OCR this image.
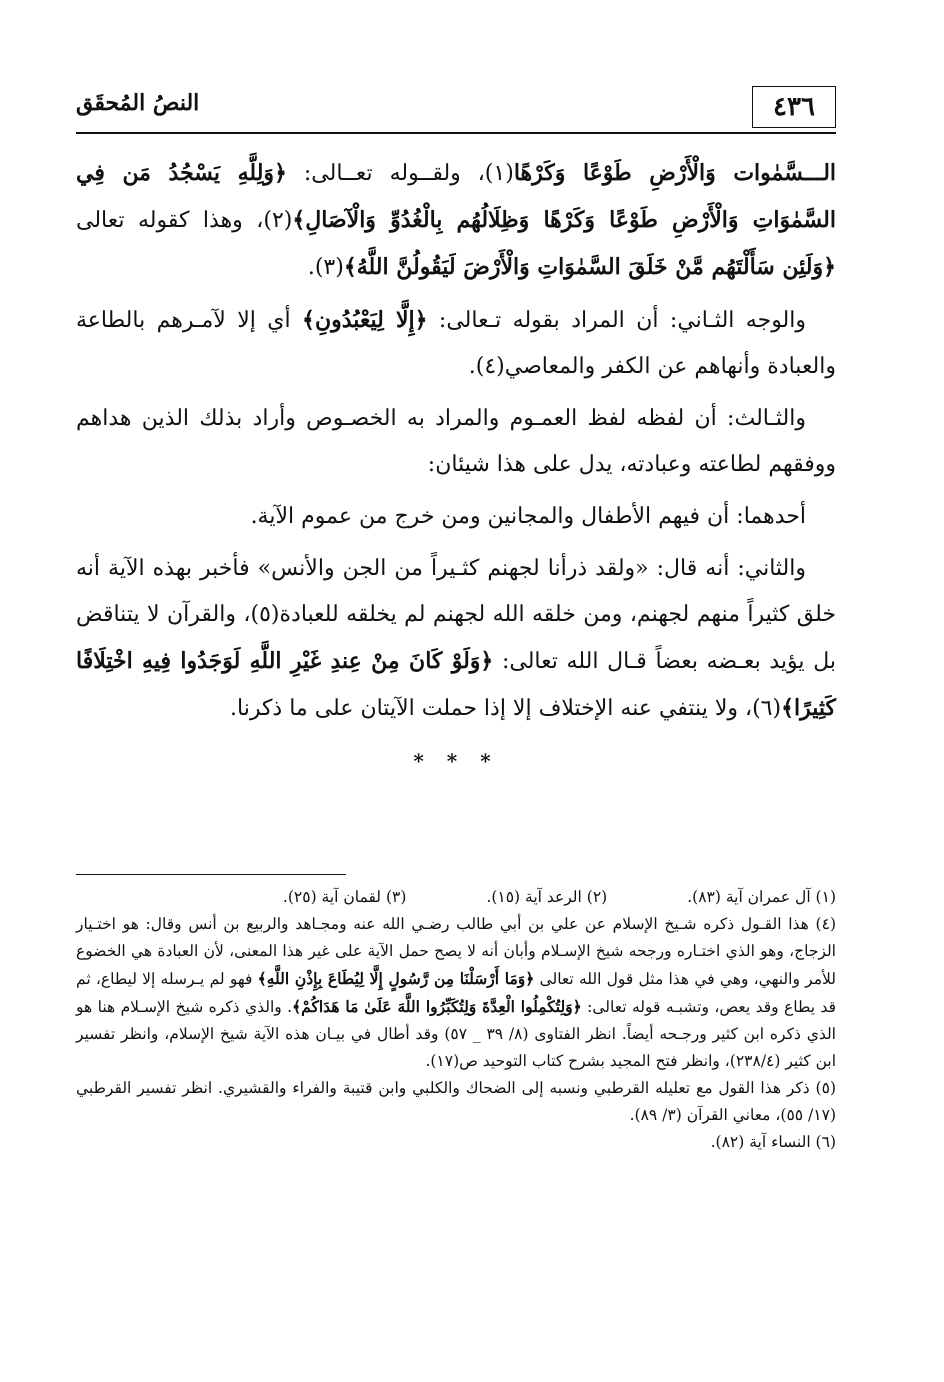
٤٣٦
النصُ المُحقَق

الـــسَّمٰوات وَالْأَرْضِ طَوْعًا وَكَرْهًا(١)، ولقــوله تعــالى: ﴿وَلِلَّهِ يَسْجُدُ مَن فِي السَّمٰوَاتِ وَالْأَرْضِ طَوْعًا وَكَرْهًا وَظِلَالُهُم بِالْغُدُوِّ وَالْآصَالِ﴾(٢)، وهذا كقوله تعالى ﴿وَلَئِن سَأَلْتَهُم مَّنْ خَلَقَ السَّمٰوَاتِ وَالْأَرْضَ لَيَقُولُنَّ اللَّهُ﴾(٣).

والوجه الثـاني: أن المراد بقوله تـعالى: ﴿إِلَّا لِيَعْبُدُونِ﴾ أي إلا لآمـرهم بالطاعة والعبادة وأنهاهم عن الكفر والمعاصي(٤).

والثـالث: أن لفظه لفظ العمـوم والمراد به الخصـوص وأراد بذلك الذين هداهم ووفقهم لطاعته وعبادته، يدل على هذا شيئان:

أحدهما: أن فيهم الأطفال والمجانين ومن خرج من عموم الآية.

والثاني: أنه قال: «ولقد ذرأنا لجهنم كثـيراً من الجن والأنس» فأخبر بهذه الآية أنه خلق كثيراً منهم لجهنم، ومن خلقه الله لجهنم لم يخلقه للعبادة(٥)، والقرآن لا يتناقض بل يؤيد بعـضه بعضاً قـال الله تعالى: ﴿وَلَوْ كَانَ مِنْ عِندِ غَيْرِ اللَّهِ لَوَجَدُوا فِيهِ اخْتِلَافًا كَثِيرًا﴾(٦)، ولا ينتفي عنه الإختلاف إلا إذا حملت الآيتان على ما ذكرنا.

* * *
(١) آل عمران آية (٨٣).
(٢) الرعد آية (١٥).
(٣) لقمان آية (٢٥).

(٤) هذا القـول ذكره شـيخ الإسلام عن علي بن أبي طالب رضـي الله عنه ومجـاهد والربيع بن أنس وقال: هو اختـيار الزجاج، وهو الذي اختـاره ورجحه شيخ الإسـلام وأبان أنه لا يصح حمل الآية على غير هذا المعنى، لأن العبادة هي الخضوع للأمر والنهي، وهي في هذا مثل قول الله تعالى ﴿وَمَا أَرْسَلْنَا مِن رَّسُولٍ إِلَّا لِيُطَاعَ بِإِذْنِ اللَّهِ﴾ فهو لم يـرسله إلا ليطاع، ثم قد يطاع وقد يعص، وتشبـه قوله تعالى: ﴿وَلِتُكْمِلُوا الْعِدَّةَ وَلِتُكَبِّرُوا اللَّهَ عَلَىٰ مَا هَدَاكُمْ﴾. والذي ذكره شيخ الإسـلام هنا هو الذي ذكره ابن كثير ورجـحه أيضاً. انظر الفتاوى (٨/ ٣٩ _ ٥٧) وقد أطال في بيـان هذه الآية شيخ الإسلام، وانظر تفسير ابن كثير (٢٣٨/٤)، وانظر فتح المجيد بشرح كتاب التوحيد ص(١٧).

(٥) ذكر هذا القول مع تعليله القرطبي ونسبه إلى الضحاك والكلبي وابن قتيبة والفراء والقشيري. انظر تفسير القرطبي (١٧/ ٥٥)، معاني القرآن (٣/ ٨٩).

(٦) النساء آية (٨٢).
